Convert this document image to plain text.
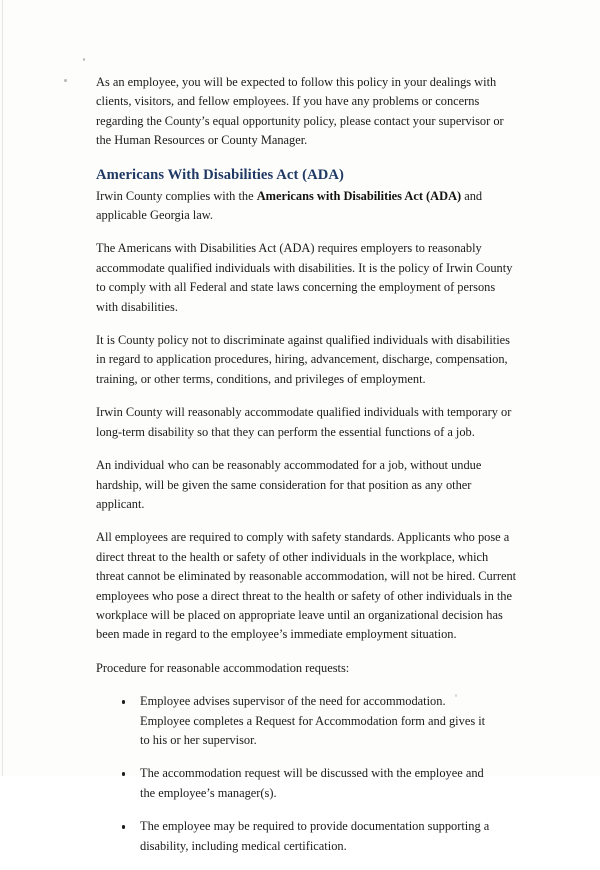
As an employee, you will be expected to follow this policy in your dealings with clients, visitors, and fellow employees. If you have any problems or concerns regarding the County’s equal opportunity policy, please contact your supervisor or the Human Resources or County Manager.

Americans With Disabilities Act (ADA)

Irwin County complies with the Americans with Disabilities Act (ADA) and applicable Georgia law.

The Americans with Disabilities Act (ADA) requires employers to reasonably accommodate qualified individuals with disabilities. It is the policy of Irwin County to comply with all Federal and state laws concerning the employment of persons with disabilities.

It is County policy not to discriminate against qualified individuals with disabilities in regard to application procedures, hiring, advancement, discharge, compensation, training, or other terms, conditions, and privileges of employment.

Irwin County will reasonably accommodate qualified individuals with temporary or long-term disability so that they can perform the essential functions of a job.

An individual who can be reasonably accommodated for a job, without undue hardship, will be given the same consideration for that position as any other applicant.

All employees are required to comply with safety standards. Applicants who pose a direct threat to the health or safety of other individuals in the workplace, which threat cannot be eliminated by reasonable accommodation, will not be hired. Current employees who pose a direct threat to the health or safety of other individuals in the workplace will be placed on appropriate leave until an organizational decision has been made in regard to the employee’s immediate employment situation.

Procedure for reasonable accommodation requests:

Employee advises supervisor of the need for accommodation. Employee completes a Request for Accommodation form and gives it to his or her supervisor.
The accommodation request will be discussed with the employee and the employee’s manager(s).
The employee may be required to provide documentation supporting a disability, including medical certification.
